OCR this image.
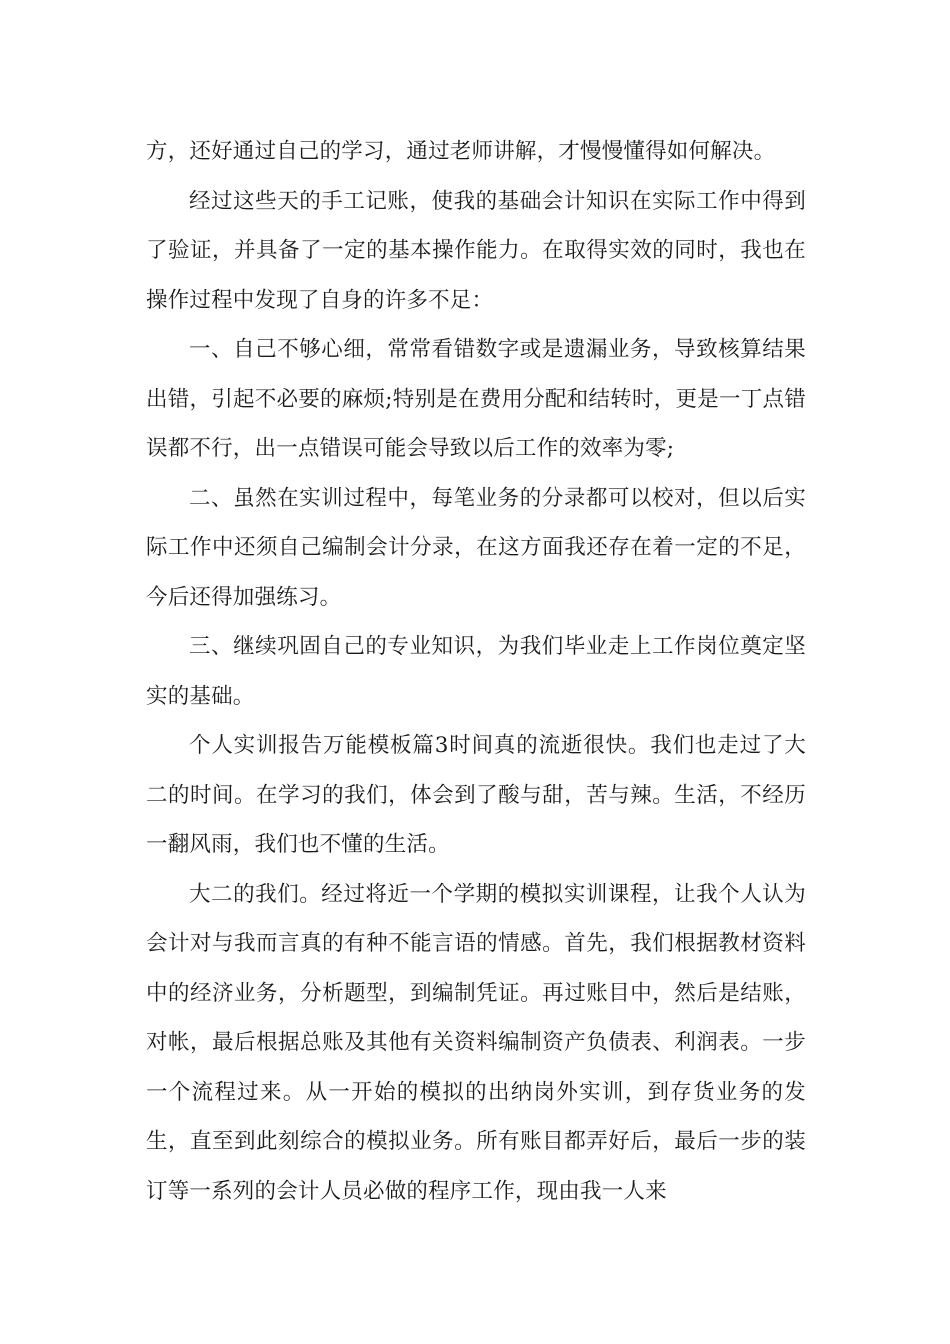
方，还好通过自己的学习，通过老师讲解，才慢慢懂得如何解决。

经过这些天的手工记账，使我的基础会计知识在实际工作中得到了验证，并具备了一定的基本操作能力。在取得实效的同时，我也在操作过程中发现了自身的许多不足：

一、自己不够心细，常常看错数字或是遗漏业务，导致核算结果出错，引起不必要的麻烦;特别是在费用分配和结转时，更是一丁点错误都不行，出一点错误可能会导致以后工作的效率为零;

二、虽然在实训过程中，每笔业务的分录都可以校对，但以后实际工作中还须自己编制会计分录，在这方面我还存在着一定的不足，今后还得加强练习。

三、继续巩固自己的专业知识，为我们毕业走上工作岗位奠定坚实的基础。

个人实训报告万能模板篇3时间真的流逝很快。我们也走过了大二的时间。在学习的我们，体会到了酸与甜，苦与辣。生活，不经历一翻风雨，我们也不懂的生活。

大二的我们。经过将近一个学期的模拟实训课程，让我个人认为会计对与我而言真的有种不能言语的情感。首先，我们根据教材资料中的经济业务，分析题型，到编制凭证。再过账目中，然后是结账，对帐，最后根据总账及其他有关资料编制资产负债表、利润表。一步一个流程过来。从一开始的模拟的出纳岗外实训，到存货业务的发生，直至到此刻综合的模拟业务。所有账目都弄好后，最后一步的装订等一系列的会计人员必做的程序工作，现由我一人来
